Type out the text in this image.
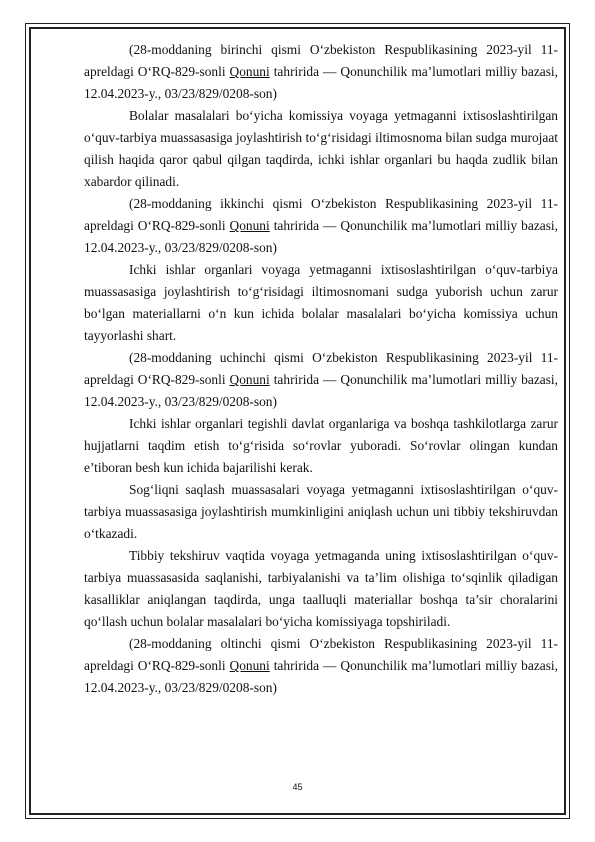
(28-moddaning birinchi qismi O‘zbekiston Respublikasining 2023-yil 11-apreldagi O‘RQ-829-sonli Qonuni tahririda — Qonunchilik ma’lumotlari milliy bazasi, 12.04.2023-y., 03/23/829/0208-son)

Bolalar masalalari bo‘yicha komissiya voyaga yetmaganni ixtisoslashtirilgan o‘quv-tarbiya muassasasiga joylashtirish to‘g‘risidagi iltimosnoma bilan sudga murojaat qilish haqida qaror qabul qilgan taqdirda, ichki ishlar organlari bu haqda zudlik bilan xabardor qilinadi.

(28-moddaning ikkinchi qismi O‘zbekiston Respublikasining 2023-yil 11-apreldagi O‘RQ-829-sonli Qonuni tahririda — Qonunchilik ma’lumotlari milliy bazasi, 12.04.2023-y., 03/23/829/0208-son)

Ichki ishlar organlari voyaga yetmaganni ixtisoslashtirilgan o‘quv-tarbiya muassasasiga joylashtirish to‘g‘risidagi iltimosnomani sudga yuborish uchun zarur bo‘lgan materiallarni o‘n kun ichida bolalar masalalari bo‘yicha komissiya uchun tayyorlashi shart.

(28-moddaning uchinchi qismi O‘zbekiston Respublikasining 2023-yil 11-apreldagi O‘RQ-829-sonli Qonuni tahririda — Qonunchilik ma’lumotlari milliy bazasi, 12.04.2023-y., 03/23/829/0208-son)

Ichki ishlar organlari tegishli davlat organlariga va boshqa tashkilotlarga zarur hujjatlarni taqdim etish to‘g‘risida so‘rovlar yuboradi. So‘rovlar olingan kundan e’tiboran besh kun ichida bajarilishi kerak.

Sog‘liqni saqlash muassasalari voyaga yetmaganni ixtisoslashtirilgan o‘quv-tarbiya muassasasiga joylashtirish mumkinligini aniqlash uchun uni tibbiy tekshiruvdan o‘tkazadi.

Tibbiy tekshiruv vaqtida voyaga yetmaganda uning ixtisoslashtirilgan o‘quv-tarbiya muassasasida saqlanishi, tarbiyalanishi va ta’lim olishiga to‘sqinlik qiladigan kasalliklar aniqlangan taqdirda, unga taalluqli materiallar boshqa ta’sir choralarini qo‘llash uchun bolalar masalalari bo‘yicha komissiyaga topshiriladi.

(28-moddaning oltinchi qismi O‘zbekiston Respublikasining 2023-yil 11-apreldagi O‘RQ-829-sonli Qonuni tahririda — Qonunchilik ma’lumotlari milliy bazasi, 12.04.2023-y., 03/23/829/0208-son)

45
